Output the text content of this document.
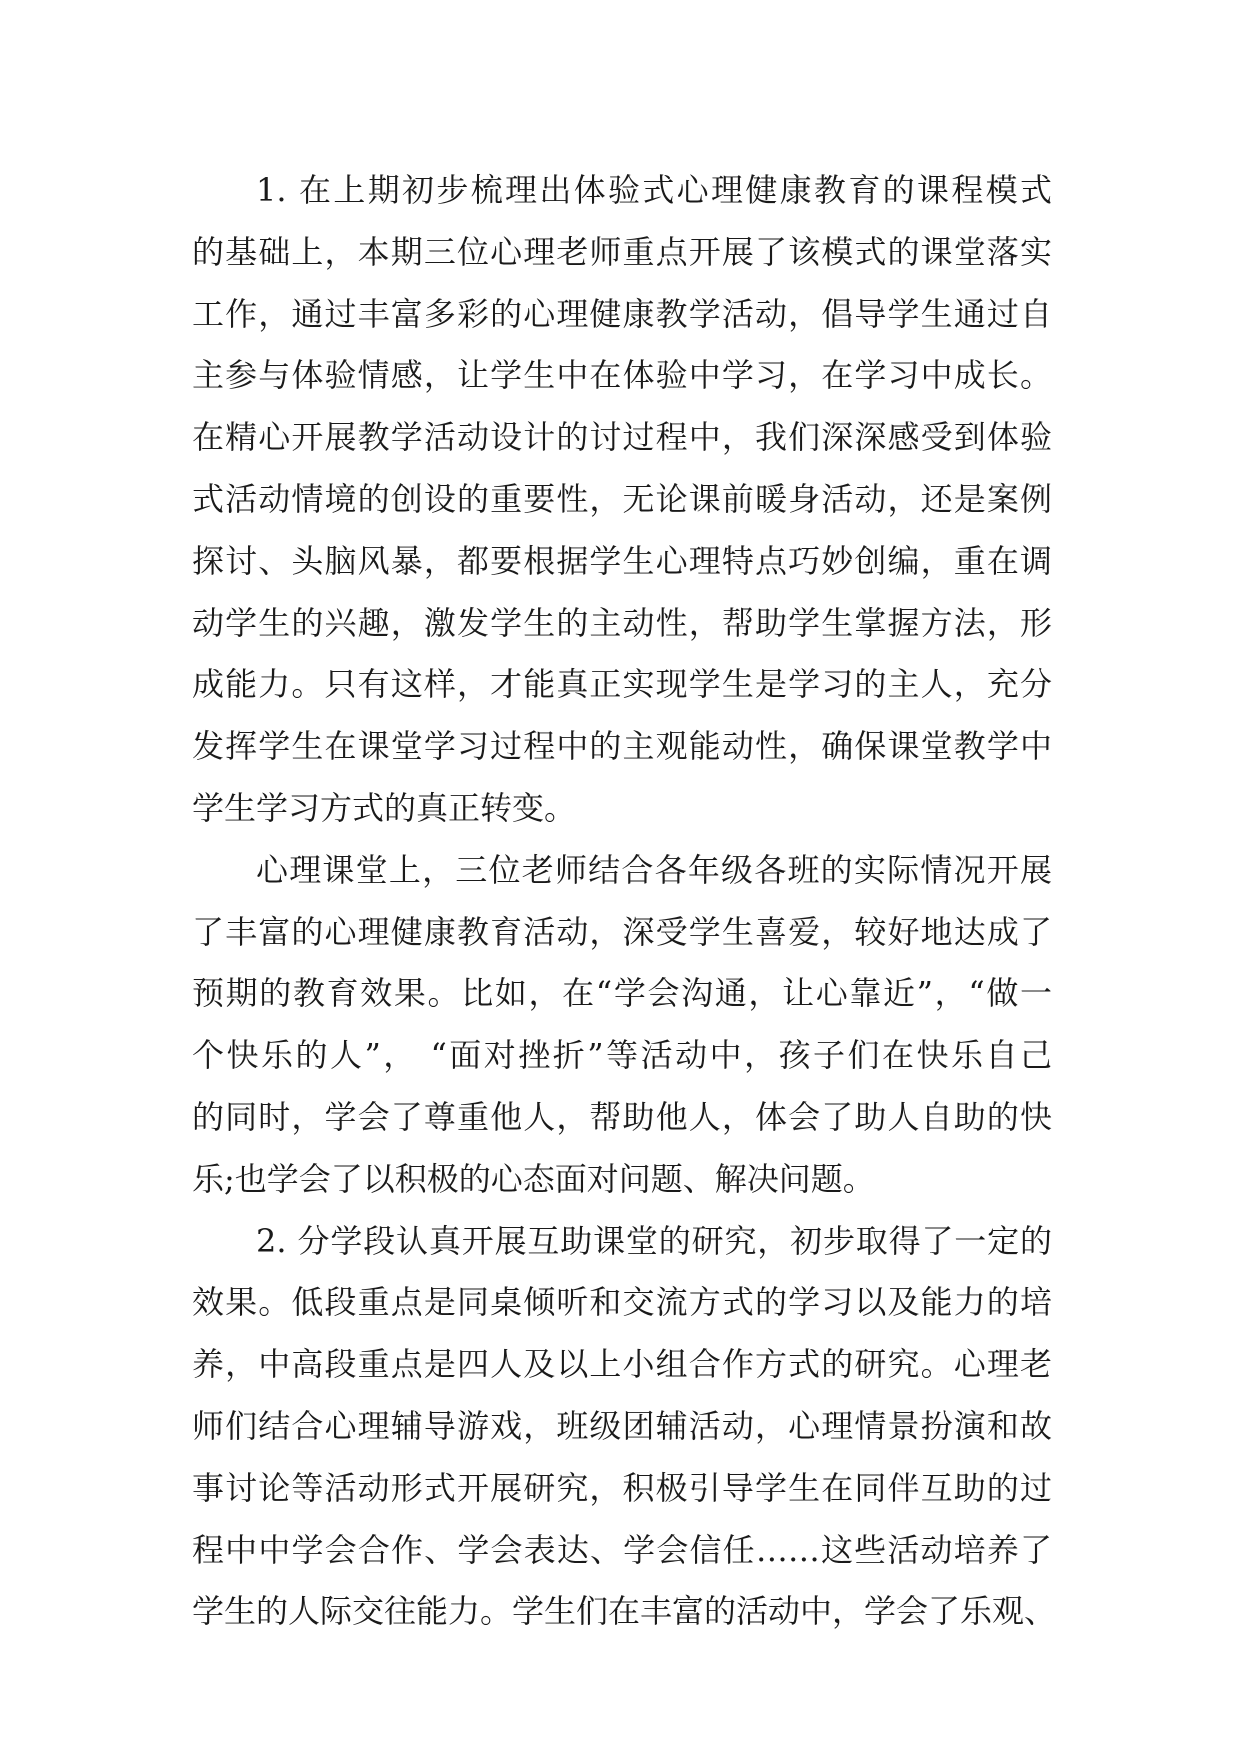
1. 在上期初步梳理出体验式心理健康教育的课程模式
的基础上，本期三位心理老师重点开展了该模式的课堂落实
工作，通过丰富多彩的心理健康教学活动，倡导学生通过自
主参与体验情感，让学生中在体验中学习，在学习中成长。
在精心开展教学活动设计的讨过程中，我们深深感受到体验
式活动情境的创设的重要性，无论课前暖身活动，还是案例
探讨、头脑风暴，都要根据学生心理特点巧妙创编，重在调
动学生的兴趣，激发学生的主动性，帮助学生掌握方法，形
成能力。只有这样，才能真正实现学生是学习的主人，充分
发挥学生在课堂学习过程中的主观能动性，确保课堂教学中
学生学习方式的真正转变。
心理课堂上，三位老师结合各年级各班的实际情况开展
了丰富的心理健康教育活动，深受学生喜爱，较好地达成了
预期的教育效果。比如，在“学会沟通，让心靠近”，“做一
个快乐的人”， “面对挫折”等活动中，孩子们在快乐自己
的同时，学会了尊重他人，帮助他人，体会了助人自助的快
乐;也学会了以积极的心态面对问题、解决问题。
2. 分学段认真开展互助课堂的研究，初步取得了一定的
效果。低段重点是同桌倾听和交流方式的学习以及能力的培
养，中高段重点是四人及以上小组合作方式的研究。心理老
师们结合心理辅导游戏，班级团辅活动，心理情景扮演和故
事讨论等活动形式开展研究，积极引导学生在同伴互助的过
程中中学会合作、学会表达、学会信任……这些活动培养了
学生的人际交往能力。学生们在丰富的活动中，学会了乐观、
